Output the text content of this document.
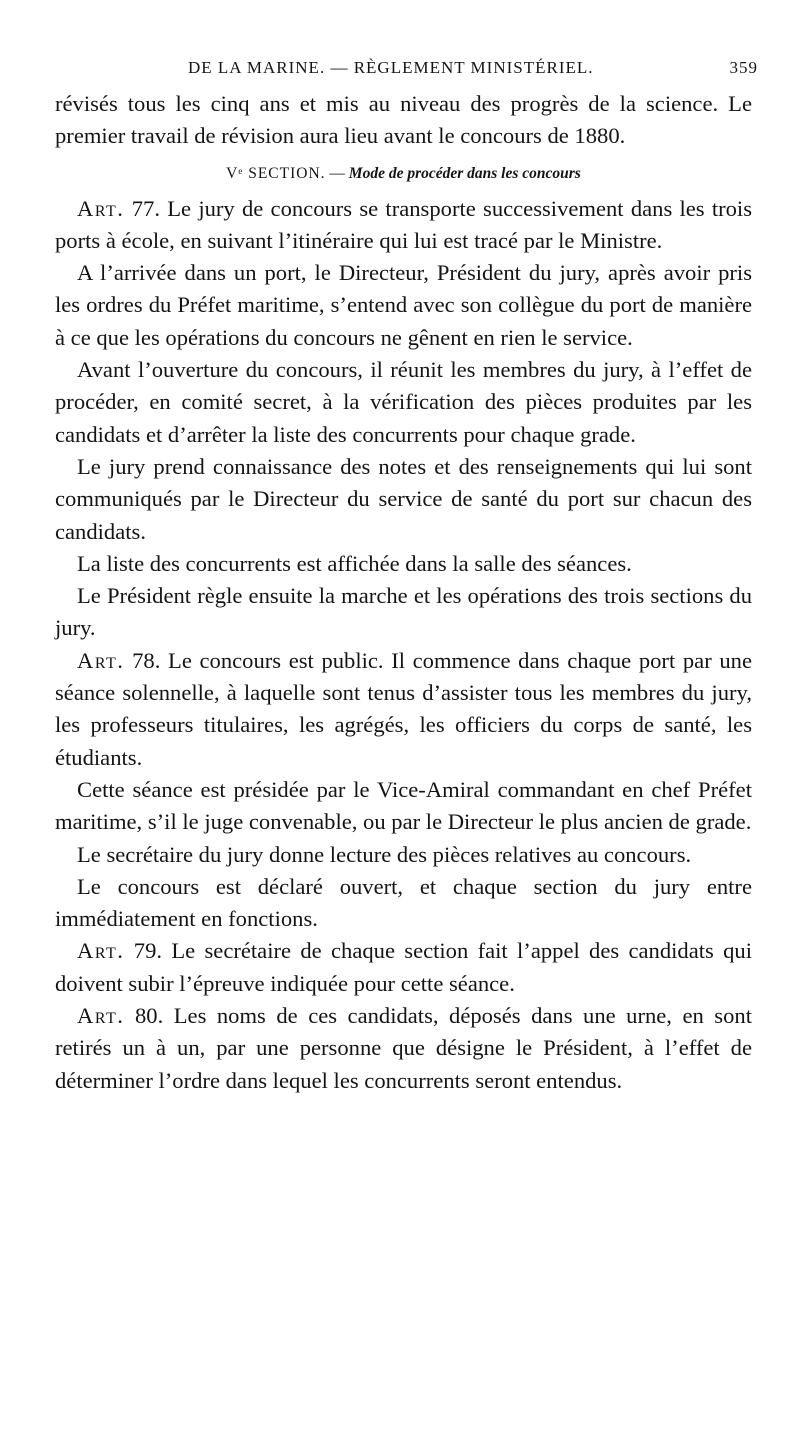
DE LA MARINE. — RÈGLEMENT MINISTÉRIEL.	359

révisés tous les cinq ans et mis au niveau des progrès de la science. Le premier travail de révision aura lieu avant le concours de 1880.

Vᵉ SECTION. — Mode de procéder dans les concours

Art. 77. Le jury de concours se transporte successivement dans les trois ports à école, en suivant l’itinéraire qui lui est tracé par le Ministre.

A l’arrivée dans un port, le Directeur, Président du jury, après avoir pris les ordres du Préfet maritime, s’entend avec son collègue du port de manière à ce que les opérations du concours ne gênent en rien le service.

Avant l’ouverture du concours, il réunit les membres du jury, à l’effet de procéder, en comité secret, à la vérification des pièces produites par les candidats et d’arrêter la liste des concurrents pour chaque grade.

Le jury prend connaissance des notes et des renseignements qui lui sont communiqués par le Directeur du service de santé du port sur chacun des candidats.

La liste des concurrents est affichée dans la salle des séances.

Le Président règle ensuite la marche et les opérations des trois sections du jury.

Art. 78. Le concours est public. Il commence dans chaque port par une séance solennelle, à laquelle sont tenus d’assister tous les membres du jury, les professeurs titulaires, les agrégés, les officiers du corps de santé, les étudiants.

Cette séance est présidée par le Vice-Amiral commandant en chef Préfet maritime, s’il le juge convenable, ou par le Directeur le plus ancien de grade.

Le secrétaire du jury donne lecture des pièces relatives au concours.

Le concours est déclaré ouvert, et chaque section du jury entre immédiatement en fonctions.

Art. 79. Le secrétaire de chaque section fait l’appel des candidats qui doivent subir l’épreuve indiquée pour cette séance.

Art. 80. Les noms de ces candidats, déposés dans une urne, en sont retirés un à un, par une personne que désigne le Président, à l’effet de déterminer l’ordre dans lequel les concurrents seront entendus.
